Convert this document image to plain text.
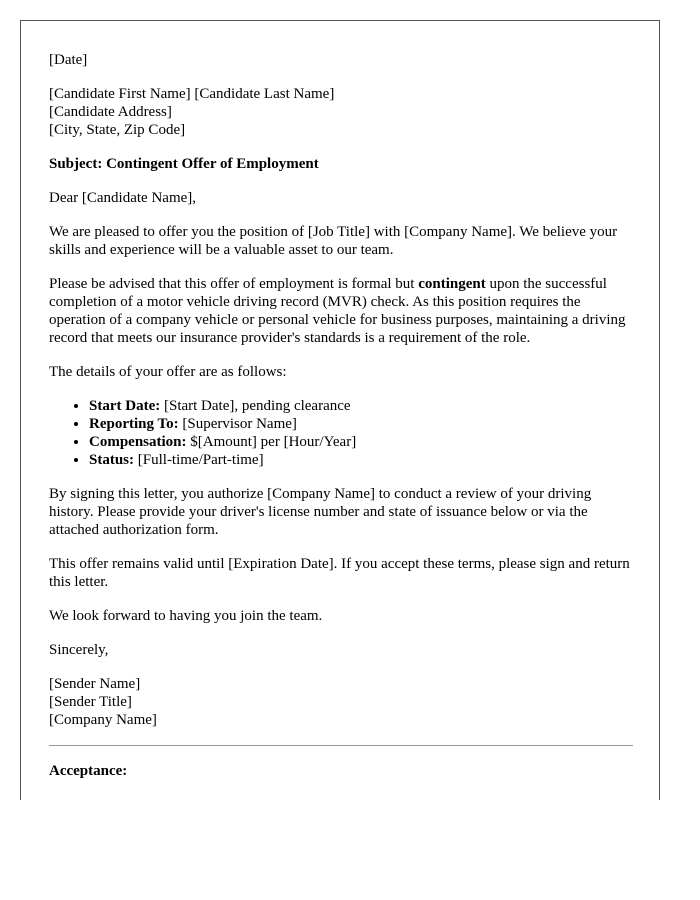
[Date]

[Candidate First Name] [Candidate Last Name]

[Candidate Address]

[City, State, Zip Code]

Subject: Contingent Offer of Employment

Dear [Candidate Name],

We are pleased to offer you the position of [Job Title] with [Company Name]. We believe your skills and experience will be a valuable asset to our team.

Please be advised that this offer of employment is formal but contingent upon the successful completion of a motor vehicle driving record (MVR) check. As this position requires the operation of a company vehicle or personal vehicle for business purposes, maintaining a driving record that meets our insurance provider's standards is a requirement of the role.

The details of your offer are as follows:

• Start Date: [Start Date], pending clearance
• Reporting To: [Supervisor Name]
• Compensation: $[Amount] per [Hour/Year]
• Status: [Full-time/Part-time]

By signing this letter, you authorize [Company Name] to conduct a review of your driving history. Please provide your driver's license number and state of issuance below or via the attached authorization form.

This offer remains valid until [Expiration Date]. If you accept these terms, please sign and return this letter.

We look forward to having you join the team.

Sincerely,

[Sender Name]

[Sender Title]

[Company Name]

Acceptance:
